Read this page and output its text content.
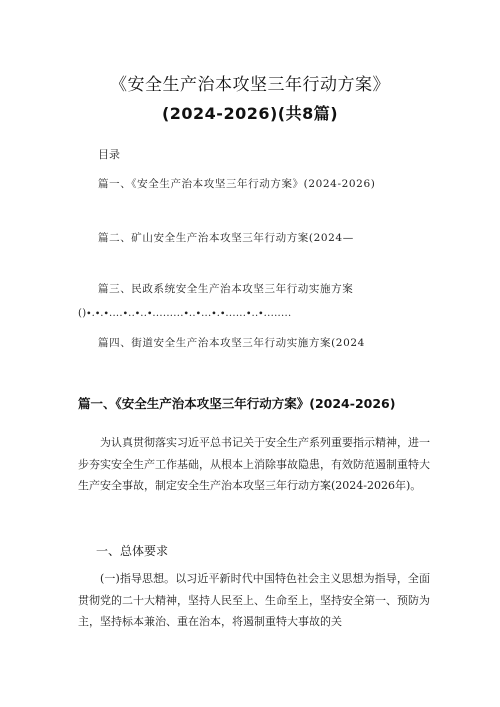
《安全生产治本攻坚三年行动方案》
(2024-2026)(共8篇)
目录
篇一、《安全生产治本攻坚三年行动方案》(2024-2026)
篇二、矿山安全生产治本攻坚三年行动方案(2024—
篇三、民政系统安全生产治本攻坚三年行动实施方案
()∙.∙.∙....∙..∙..∙.........∙..∙...∙.∙......∙..∙........
篇四、街道安全生产治本攻坚三年行动实施方案(2024
篇一、《安全生产治本攻坚三年行动方案》(2024-2026)
为认真贯彻落实习近平总书记关于安全生产系列重要指示精神，进一步夯实安全生产工作基础，从根本上消除事故隐患，有效防范遏制重特大生产安全事故，制定安全生产治本攻坚三年行动方案(2024-2026年)。
一、总体要求
(一)指导思想。以习近平新时代中国特色社会主义思想为指导，全面贯彻党的二十大精神，坚持人民至上、生命至上，坚持安全第一、预防为主，坚持标本兼治、重在治本，将遏制重特大事故的关
